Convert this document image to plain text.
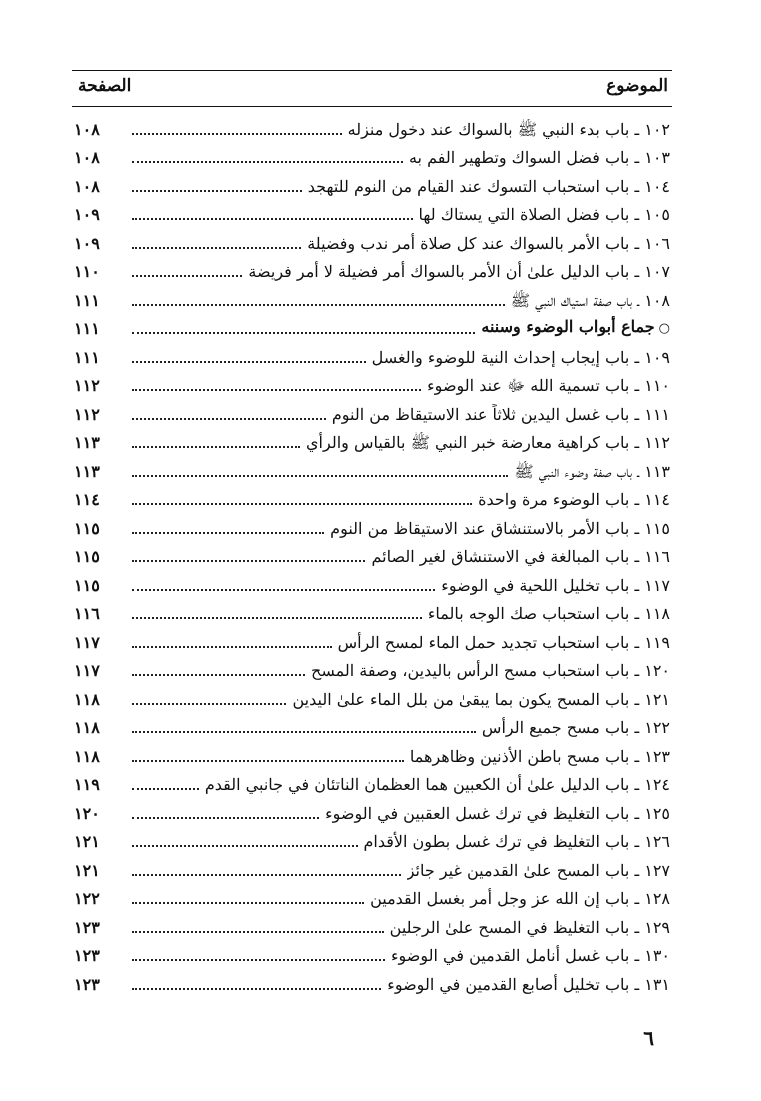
الموضوع
الصفحة
١٠٢ ـ باب بدء النبي ﷺ بالسواك عند دخول منزله
١٠٨
١٠٣ ـ باب فضل السواك وتطهير الفم به
١٠٨
١٠٤ ـ باب استحباب التسوك عند القيام من النوم للتهجد
١٠٨
١٠٥ ـ باب فضل الصلاة التي يستاك لها
١٠٩
١٠٦ ـ باب الأمر بالسواك عند كل صلاة أمر ندب وفضيلة
١٠٩
١٠٧ ـ باب الدليل علىٰ أن الأمر بالسواك أمر فضيلة لا أمر فريضة
١١٠
١٠٨ ـ باب صفة استياك النبي ﷺ
١١١
○جماع أبواب الوضوء وسننه
١١١
١٠٩ ـ باب إيجاب إحداث النية للوضوء والغسل
١١١
١١٠ ـ باب تسمية الله ﷻ عند الوضوء
١١٢
١١١ ـ باب غسل اليدين ثلاثاً عند الاستيقاظ من النوم
١١٢
١١٢ ـ باب كراهية معارضة خبر النبي ﷺ بالقياس والرأي
١١٣
١١٣ ـ باب صفة وضوء النبي ﷺ
١١٣
١١٤ ـ باب الوضوء مرة واحدة
١١٤
١١٥ ـ باب الأمر بالاستنشاق عند الاستيقاظ من النوم
١١٥
١١٦ ـ باب المبالغة في الاستنشاق لغير الصائم
١١٥
١١٧ ـ باب تخليل اللحية في الوضوء
١١٥
١١٨ ـ باب استحباب صك الوجه بالماء
١١٦
١١٩ ـ باب استحباب تجديد حمل الماء لمسح الرأس
١١٧
١٢٠ ـ باب استحباب مسح الرأس باليدين، وصفة المسح
١١٧
١٢١ ـ باب المسح يكون بما يبقىٰ من بلل الماء علىٰ اليدين
١١٨
١٢٢ ـ باب مسح جميع الرأس
١١٨
١٢٣ ـ باب مسح باطن الأذنين وظاهرهما
١١٨
١٢٤ ـ باب الدليل علىٰ أن الكعبين هما العظمان الناتئان في جانبي القدم
١١٩
١٢٥ ـ باب التغليظ في ترك غسل العقبين في الوضوء
١٢٠
١٢٦ ـ باب التغليظ في ترك غسل بطون الأقدام
١٢١
١٢٧ ـ باب المسح علىٰ القدمين غير جائز
١٢١
١٢٨ ـ باب إن الله عز وجل أمر بغسل القدمين
١٢٢
١٢٩ ـ باب التغليظ في المسح علىٰ الرجلين
١٢٣
١٣٠ ـ باب غسل أنامل القدمين في الوضوء
١٢٣
١٣١ ـ باب تخليل أصابع القدمين في الوضوء
١٢٣
٦
